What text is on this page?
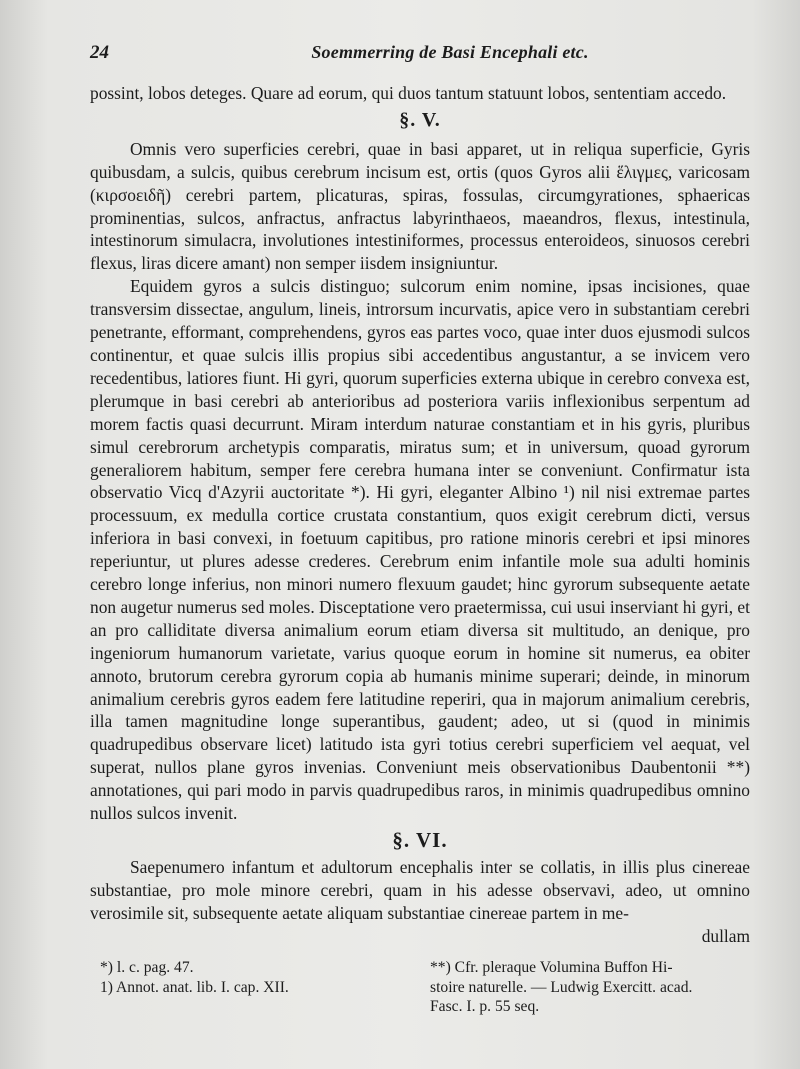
24	Soemmerring de Basi Encephali etc.

possint, lobos deteges. Quare ad eorum, qui duos tantum statuunt lobos, sententiam accedo.

§. V.

Omnis vero superficies cerebri, quae in basi apparet, ut in reliqua superficie, Gyris quibusdam, a sulcis, quibus cerebrum incisum est, ortis (quos Gyros alii ἕλιγμες, varicosam (κιρσοειδῆ) cerebri partem, plicaturas, spiras, fossulas, circumgyrationes, sphaericas prominentias, sulcos, anfractus, anfractus labyrinthaeos, maeandros, flexus, intestinula, intestinorum simulacra, involutiones intestiniformes, processus enteroideos, sinuosos cerebri flexus, liras dicere amant) non semper iisdem insigniuntur.

Equidem gyros a sulcis distinguo; sulcorum enim nomine, ipsas incisiones, quae transversim dissectae, angulum, lineis, introrsum incurvatis, apice vero in substantiam cerebri penetrante, efformant, comprehendens, gyros eas partes voco, quae inter duos ejusmodi sulcos continentur, et quae sulcis illis propius sibi accedentibus angustantur, a se invicem vero recedentibus, latiores fiunt. Hi gyri, quorum superficies externa ubique in cerebro convexa est, plerumque in basi cerebri ab anterioribus ad posteriora variis inflexionibus serpentum ad morem factis quasi decurrunt. Miram interdum naturae constantiam et in his gyris, pluribus simul cerebrorum archetypis comparatis, miratus sum; et in universum, quoad gyrorum generaliorem habitum, semper fere cerebra humana inter se conveniunt. Confirmatur ista observatio Vicq d'Azyrii auctoritate *). Hi gyri, eleganter Albino ¹) nil nisi extremae partes processuum, ex medulla cortice crustata constantium, quos exigit cerebrum dicti, versus inferiora in basi convexi, in foetuum capitibus, pro ratione minoris cerebri et ipsi minores reperiuntur, ut plures adesse crederes. Cerebrum enim infantile mole sua adulti hominis cerebro longe inferius, non minori numero flexuum gaudet; hinc gyrorum subsequente aetate non augetur numerus sed moles. Disceptatione vero praetermissa, cui usui inserviant hi gyri, et an pro calliditate diversa animalium eorum etiam diversa sit multitudo, an denique, pro ingeniorum humanorum varietate, varius quoque eorum in homine sit numerus, ea obiter annoto, brutorum cerebra gyrorum copia ab humanis minime superari; deinde, in minorum animalium cerebris gyros eadem fere latitudine reperiri, qua in majorum animalium cerebris, illa tamen magnitudine longe superantibus, gaudent; adeo, ut si (quod in minimis quadrupedibus observare licet) latitudo ista gyri totius cerebri superficiem vel aequat, vel superat, nullos plane gyros invenias. Conveniunt meis observationibus Daubentonii **) annotationes, qui pari modo in parvis quadrupedibus raros, in minimis quadrupedibus omnino nullos sulcos invenit.

§. VI.

Saepenumero infantum et adultorum encephalis inter se collatis, in illis plus cinereae substantiae, pro mole minore cerebri, quam in his adesse observavi, adeo, ut omnino verosimile sit, subsequente aetate aliquam substantiae cinereae partem in me-

dullam
*) l. c. pag. 47.
1) Annot. anat. lib. I. cap. XII.
**) Cfr. pleraque Volumina Buffon Hi-
stoire naturelle. — Ludwig Exercitt. acad.
Fasc. I. p. 55 seq.
